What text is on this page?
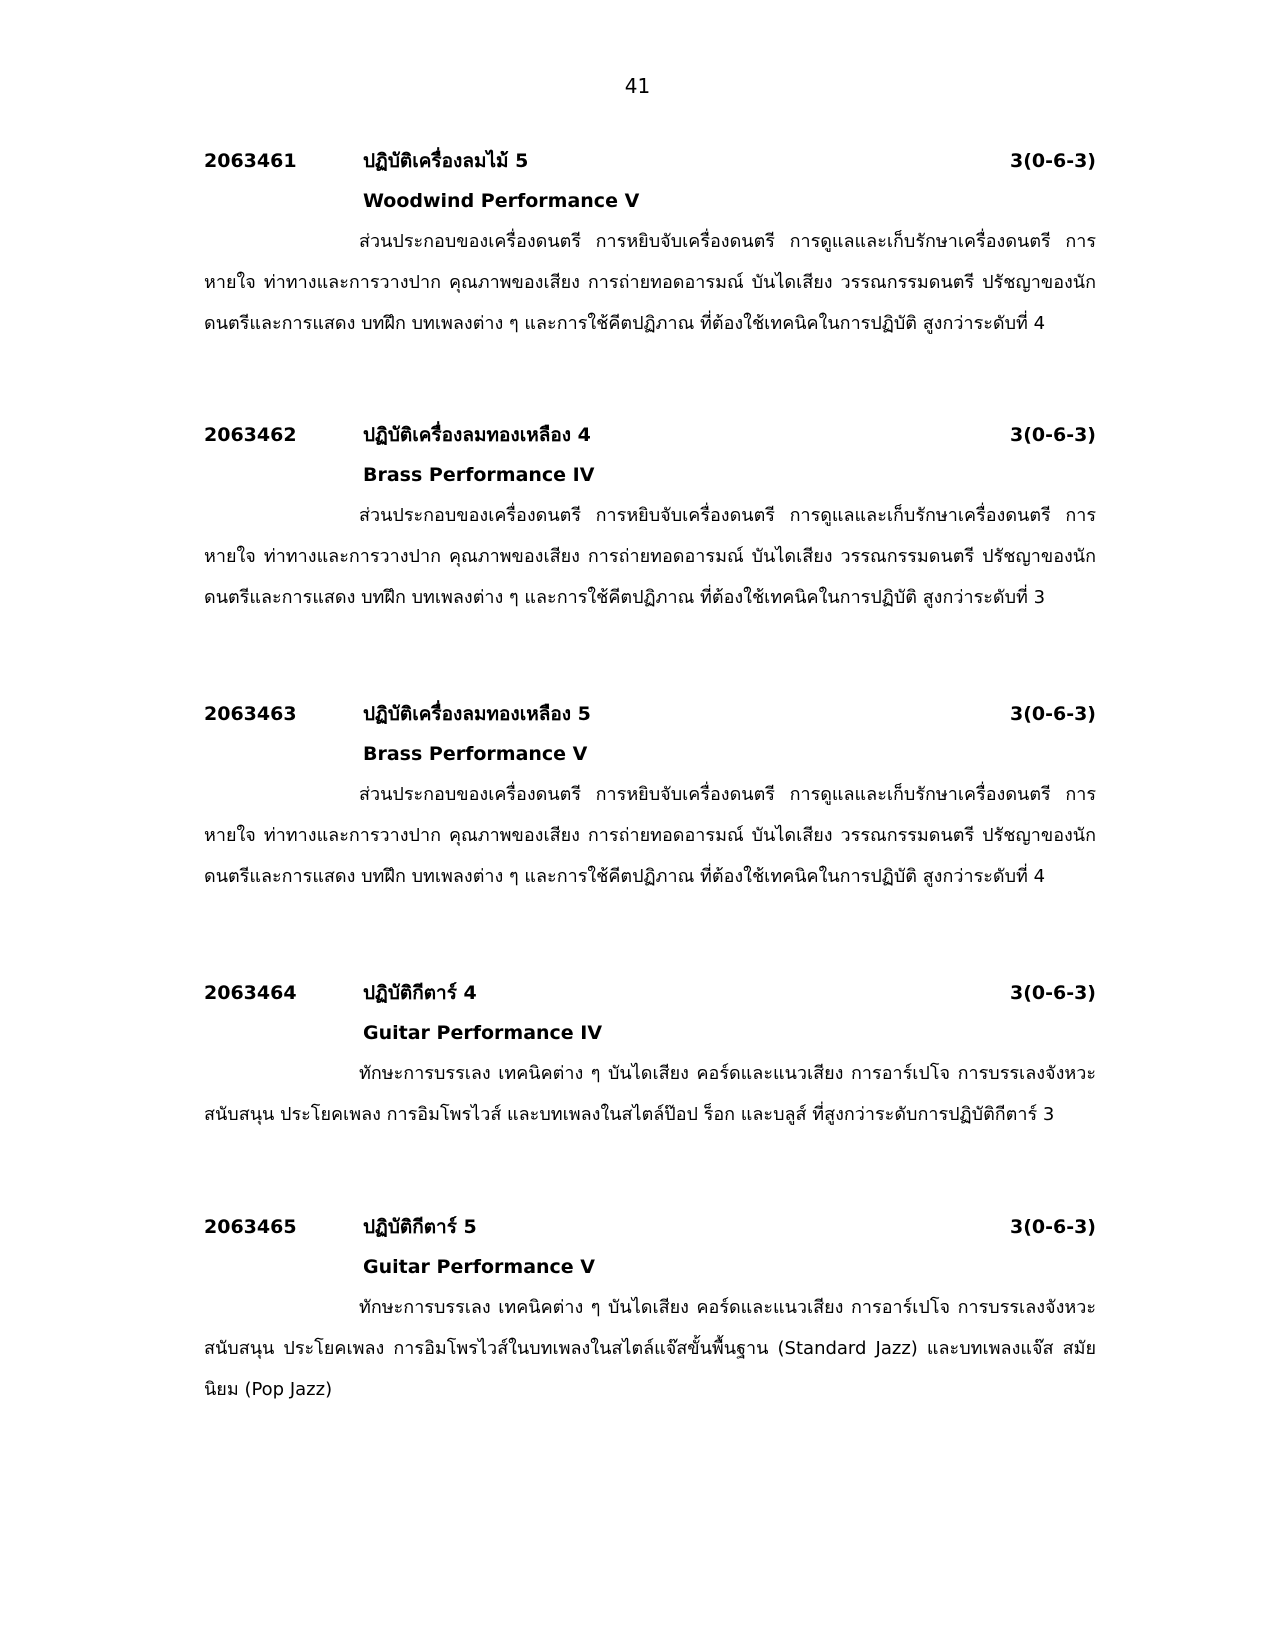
41
2063461	ปฏิบัติเครื่องลมไม้ 5	3(0-6-3)
Woodwind Performance V
ส่วนประกอบของเครื่องดนตรี การหยิบจับเครื่องดนตรี การดูแลและเก็บรักษาเครื่องดนตรี การหายใจ ท่าทางและการวางปาก คุณภาพของเสียง การถ่ายทอดอารมณ์ บันไดเสียง วรรณกรรมดนตรี ปรัชญาของนักดนตรีและการแสดง บทฝึก บทเพลงต่าง ๆ และการใช้คีตปฏิภาณ ที่ต้องใช้เทคนิคในการปฏิบัติ สูงกว่าระดับที่ 4
2063462	ปฏิบัติเครื่องลมทองเหลือง 4	3(0-6-3)
Brass Performance IV
ส่วนประกอบของเครื่องดนตรี การหยิบจับเครื่องดนตรี การดูแลและเก็บรักษาเครื่องดนตรี การหายใจ ท่าทางและการวางปาก คุณภาพของเสียง การถ่ายทอดอารมณ์ บันไดเสียง วรรณกรรมดนตรี ปรัชญาของนักดนตรีและการแสดง บทฝึก บทเพลงต่าง ๆ และการใช้คีตปฏิภาณ ที่ต้องใช้เทคนิคในการปฏิบัติ สูงกว่าระดับที่ 3
2063463	ปฏิบัติเครื่องลมทองเหลือง 5	3(0-6-3)
Brass Performance V
ส่วนประกอบของเครื่องดนตรี การหยิบจับเครื่องดนตรี การดูแลและเก็บรักษาเครื่องดนตรี การหายใจ ท่าทางและการวางปาก คุณภาพของเสียง การถ่ายทอดอารมณ์ บันไดเสียง วรรณกรรมดนตรี ปรัชญาของนักดนตรีและการแสดง บทฝึก บทเพลงต่าง ๆ และการใช้คีตปฏิภาณ ที่ต้องใช้เทคนิคในการปฏิบัติ สูงกว่าระดับที่ 4
2063464	ปฏิบัติกีตาร์ 4	3(0-6-3)
Guitar Performance IV
ทักษะการบรรเลง เทคนิคต่าง ๆ บันไดเสียง คอร์ดและแนวเสียง การอาร์เปโจ การบรรเลงจังหวะสนับสนุน ประโยคเพลง การอิมโพรไวส์ และบทเพลงในสไตล์ป๊อป ร็อก และบลูส์ ที่สูงกว่าระดับการปฏิบัติกีตาร์ 3
2063465	ปฏิบัติกีตาร์ 5	3(0-6-3)
Guitar Performance V
ทักษะการบรรเลง เทคนิคต่าง ๆ บันไดเสียง คอร์ดและแนวเสียง การอาร์เปโจ การบรรเลงจังหวะสนับสนุน ประโยคเพลง การอิมโพรไวส์ในบทเพลงในสไตล์แจ๊สขั้นพื้นฐาน (Standard Jazz) และบทเพลงแจ๊ส สมัยนิยม (Pop Jazz)
